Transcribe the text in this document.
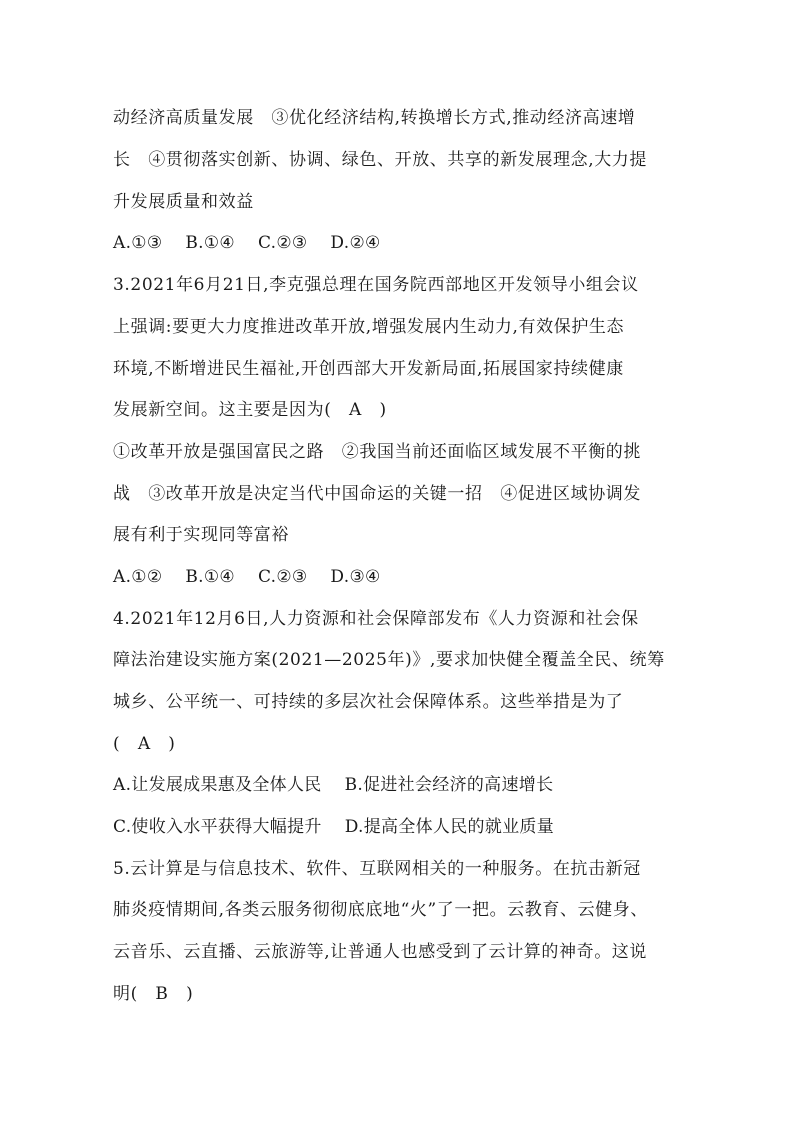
动经济高质量发展　③优化经济结构,转换增长方式,推动经济高速增
长　④贯彻落实创新、协调、绿色、开放、共享的新发展理念,大力提
升发展质量和效益
A.①③　 B.①④　 C.②③　 D.②④
3.2021年6月21日,李克强总理在国务院西部地区开发领导小组会议
上强调:要更大力度推进改革开放,增强发展内生动力,有效保护生态
环境,不断增进民生福祉,开创西部大开发新局面,拓展国家持续健康
发展新空间。这主要是因为(　A　)
①改革开放是强国富民之路　②我国当前还面临区域发展不平衡的挑
战　③改革开放是决定当代中国命运的关键一招　④促进区域协调发
展有利于实现同等富裕
A.①②　 B.①④　 C.②③　 D.③④
4.2021年12月6日,人力资源和社会保障部发布《人力资源和社会保
障法治建设实施方案(2021—2025年)》,要求加快健全覆盖全民、统筹
城乡、公平统一、可持续的多层次社会保障体系。这些举措是为了
(　A　)
A.让发展成果惠及全体人民　 B.促进社会经济的高速增长
C.使收入水平获得大幅提升　 D.提高全体人民的就业质量
5.云计算是与信息技术、软件、互联网相关的一种服务。在抗击新冠
肺炎疫情期间,各类云服务彻彻底底地“火”了一把。云教育、云健身、
云音乐、云直播、云旅游等,让普通人也感受到了云计算的神奇。这说
明(　B　)
